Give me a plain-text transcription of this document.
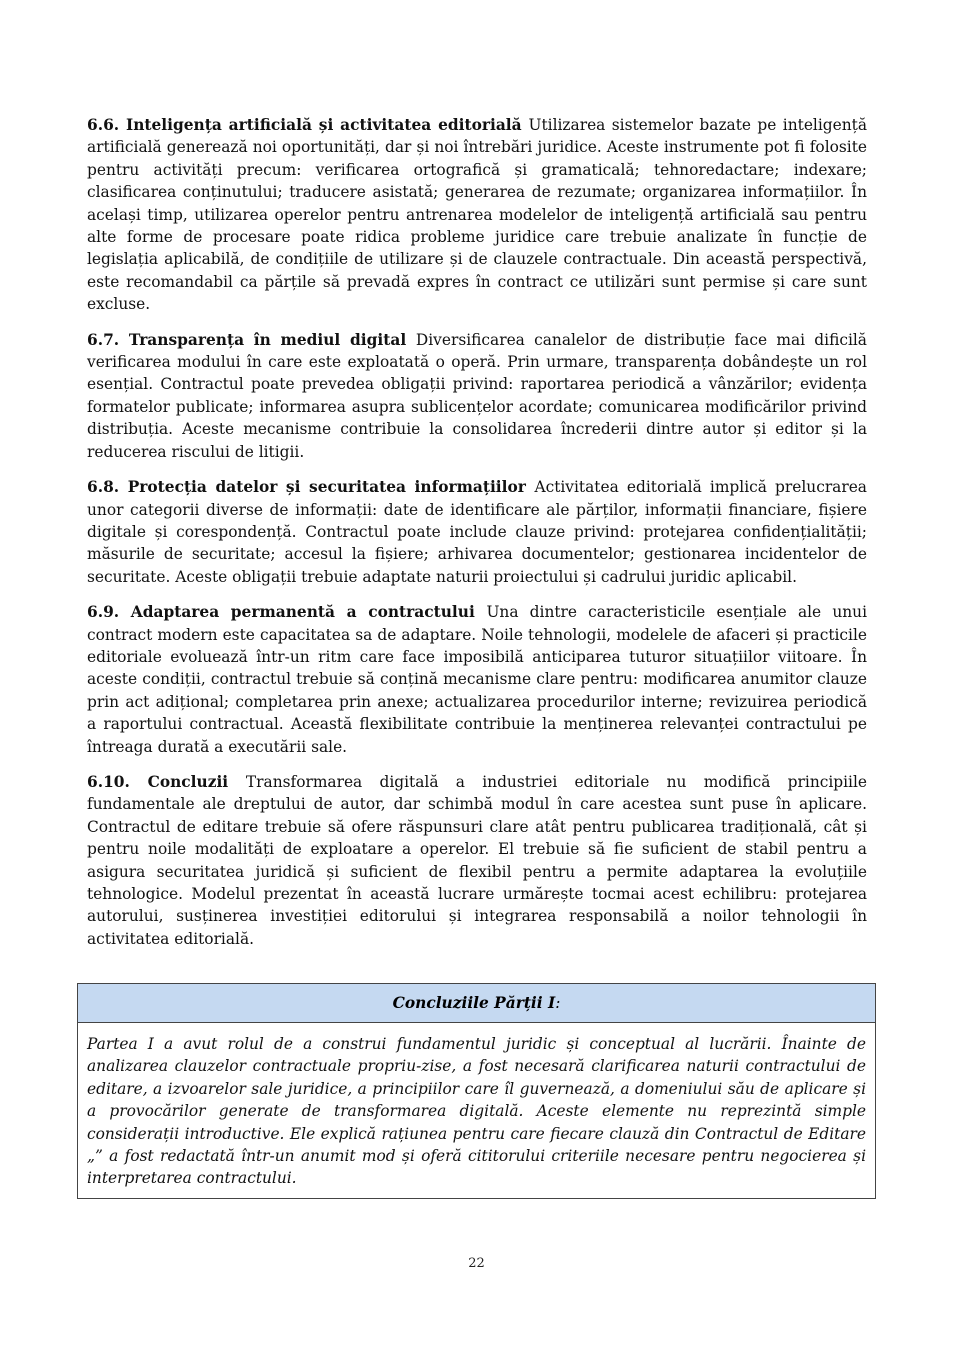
6.6. Inteligența artificială și activitatea editorială Utilizarea sistemelor bazate pe inteligență artificială generează noi oportunități, dar și noi întrebări juridice. Aceste instrumente pot fi folosite pentru activități precum: verificarea ortografică și gramaticală; tehnoredactare; indexare; clasificarea conținutului; traducere asistată; generarea de rezumate; organizarea informațiilor. În același timp, utilizarea operelor pentru antrenarea modelelor de inteligență artificială sau pentru alte forme de procesare poate ridica probleme juridice care trebuie analizate în funcție de legislația aplicabilă, de condițiile de utilizare și de clauzele contractuale. Din această perspectivă, este recomandabil ca părțile să prevadă expres în contract ce utilizări sunt permise și care sunt excluse.

6.7. Transparența în mediul digital Diversificarea canalelor de distribuție face mai dificilă verificarea modului în care este exploatată o operă. Prin urmare, transparența dobândește un rol esențial. Contractul poate prevedea obligații privind: raportarea periodică a vânzărilor; evidența formatelor publicate; informarea asupra sublicențelor acordate; comunicarea modificărilor privind distribuția. Aceste mecanisme contribuie la consolidarea încrederii dintre autor și editor și la reducerea riscului de litigii.

6.8. Protecția datelor și securitatea informațiilor Activitatea editorială implică prelucrarea unor categorii diverse de informații: date de identificare ale părților, informații financiare, fișiere digitale și corespondență. Contractul poate include clauze privind: protejarea confidențialității; măsurile de securitate; accesul la fișiere; arhivarea documentelor; gestionarea incidentelor de securitate. Aceste obligații trebuie adaptate naturii proiectului și cadrului juridic aplicabil.

6.9. Adaptarea permanentă a contractului Una dintre caracteristicile esențiale ale unui contract modern este capacitatea sa de adaptare. Noile tehnologii, modelele de afaceri și practicile editoriale evoluează într-un ritm care face imposibilă anticiparea tuturor situațiilor viitoare. În aceste condiții, contractul trebuie să conțină mecanisme clare pentru: modificarea anumitor clauze prin act adițional; completarea prin anexe; actualizarea procedurilor interne; revizuirea periodică a raportului contractual. Această flexibilitate contribuie la menținerea relevanței contractului pe întreaga durată a executării sale.

6.10. Concluzii Transformarea digitală a industriei editoriale nu modifică principiile fundamentale ale dreptului de autor, dar schimbă modul în care acestea sunt puse în aplicare. Contractul de editare trebuie să ofere răspunsuri clare atât pentru publicarea tradițională, cât și pentru noile modalități de exploatare a operelor. El trebuie să fie suficient de stabil pentru a asigura securitatea juridică și suficient de flexibil pentru a permite adaptarea la evoluțiile tehnologice. Modelul prezentat în această lucrare urmărește tocmai acest echilibru: protejarea autorului, susținerea investiției editorului și integrarea responsabilă a noilor tehnologii în activitatea editorială.

Concluziile Părții I :
Partea I a avut rolul de a construi fundamentul juridic și conceptual al lucrării. Înainte de analizarea clauzelor contractuale propriu-zise, a fost necesară clarificarea naturii contractului de editare, a izvoarelor sale juridice, a principiilor care îl guvernează, a domeniului său de aplicare și a provocărilor generate de transformarea digitală. Aceste elemente nu reprezintă simple considerații introductive. Ele explică rațiunea pentru care fiecare clauză din Contractul de Editare „” a fost redactată într-un anumit mod și oferă cititorului criteriile necesare pentru negocierea și interpretarea contractului.
22
